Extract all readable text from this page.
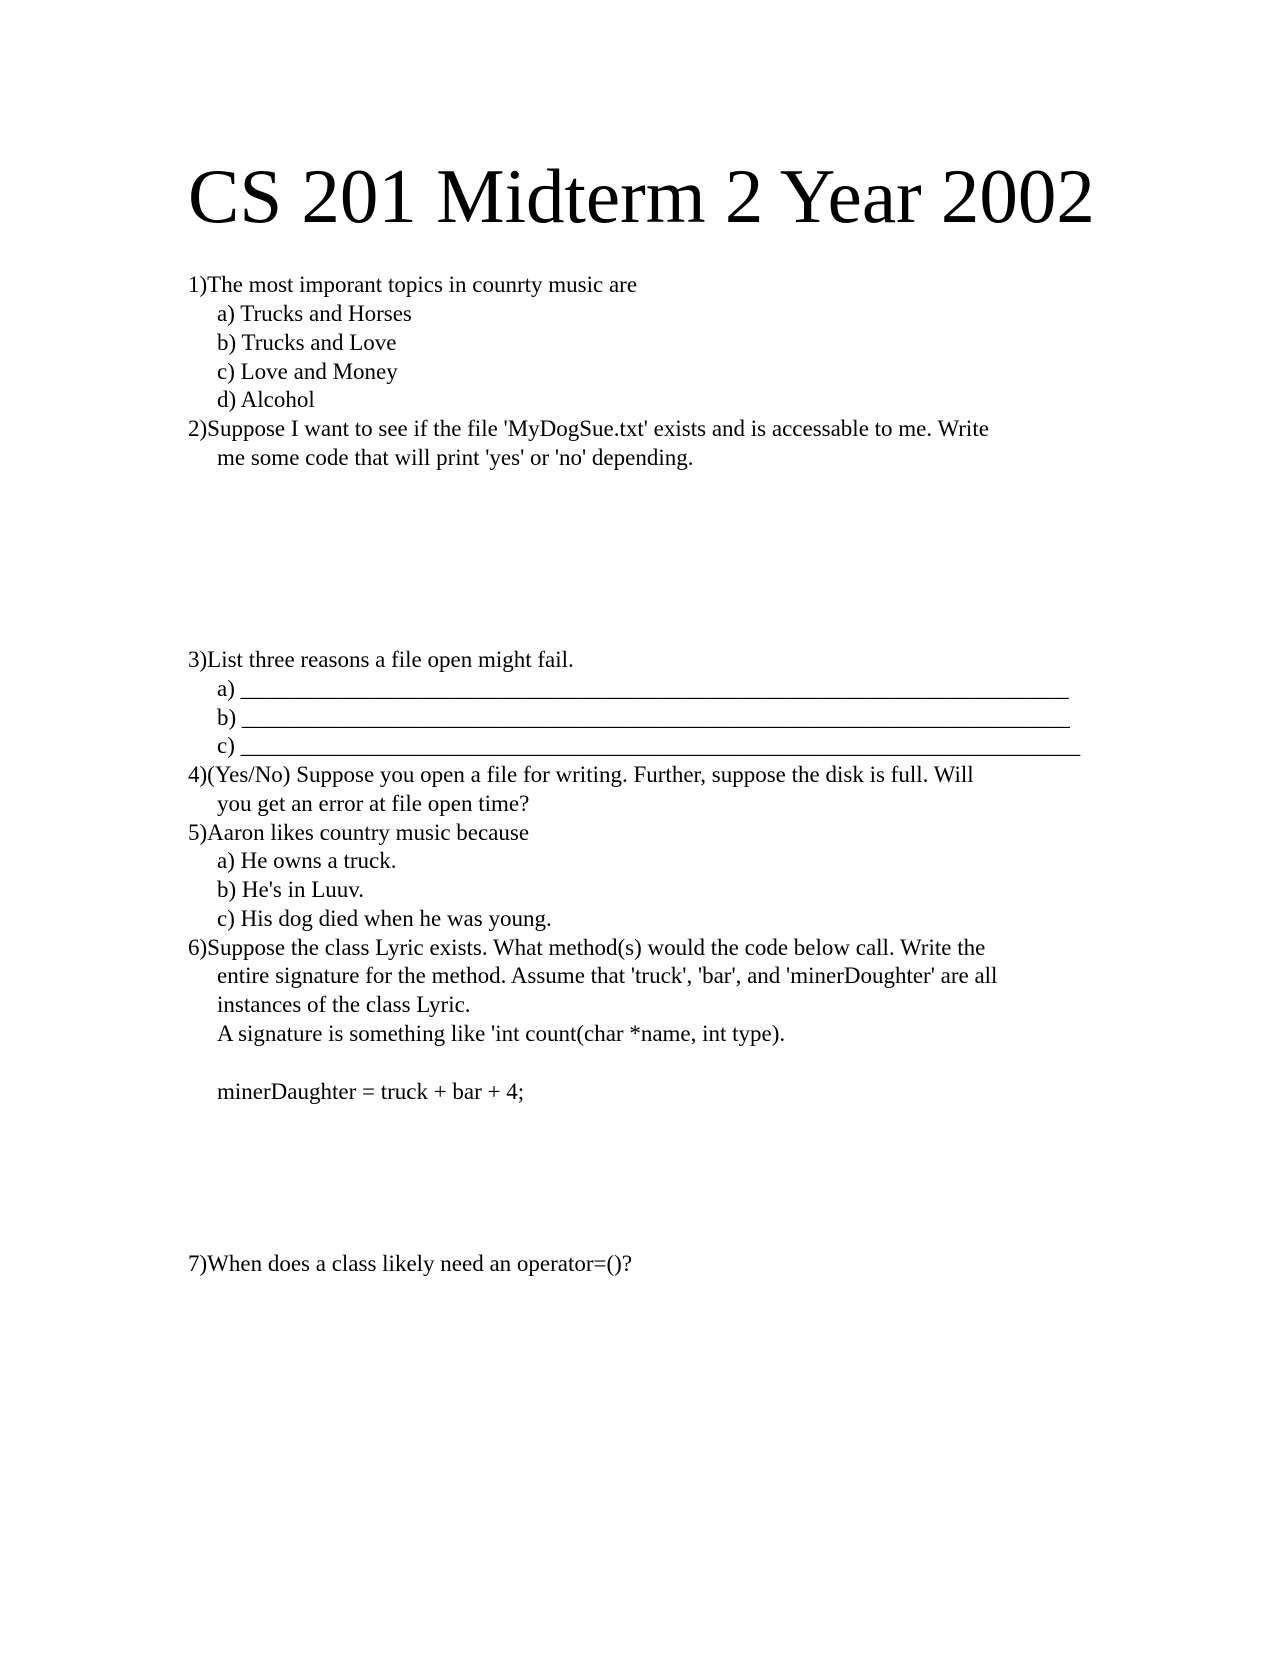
CS 201 Midterm 2 Year 2002

1)The most imporant topics in counrty music are

a) Trucks and Horses

b) Trucks and Love

c) Love and Money

d) Alcohol

2)Suppose I want to see if the file 'MyDogSue.txt' exists and is accessable to me. Write

me some code that will print 'yes' or 'no' depending.

3)List three reasons a file open might fail.

a) ________________________________________________________________________

b) ________________________________________________________________________

c) _________________________________________________________________________

4)(Yes/No) Suppose you open a file for writing. Further, suppose the disk is full. Will

you get an error at file open time?

5)Aaron likes country music because

a) He owns a truck.

b) He's in Luuv.

c) His dog died when he was young.

6)Suppose the class Lyric exists. What method(s) would the code below call. Write the

entire signature for the method. Assume that 'truck', 'bar', and 'minerDoughter' are all

instances of the class Lyric.

A signature is something like 'int count(char *name, int type).

minerDaughter = truck + bar + 4;

7)When does a class likely need an operator=()?
